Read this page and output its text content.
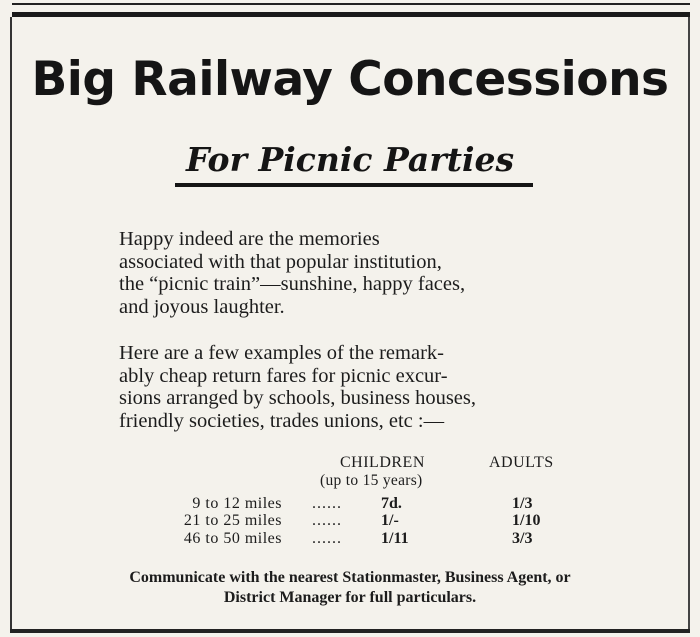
Big Railway Concessions
For Picnic Parties
Happy indeed are the memories
associated with that popular institution,
the “picnic train”—sunshine, happy faces,
and joyous laughter.
Here are a few examples of the remark-
ably cheap return fares for picnic excur-
sions arranged by schools, business houses,
friendly societies, trades unions, etc :—
CHILDREN
(up to 15 years)
ADULTS
9 to 12 miles ...... 7d.	1/3
21 to 25 miles ...... 1/-	1/10
46 to 50 miles ...... 1/11	3/3
Communicate with the nearest Stationmaster, Business Agent, or
District Manager for full particulars.
